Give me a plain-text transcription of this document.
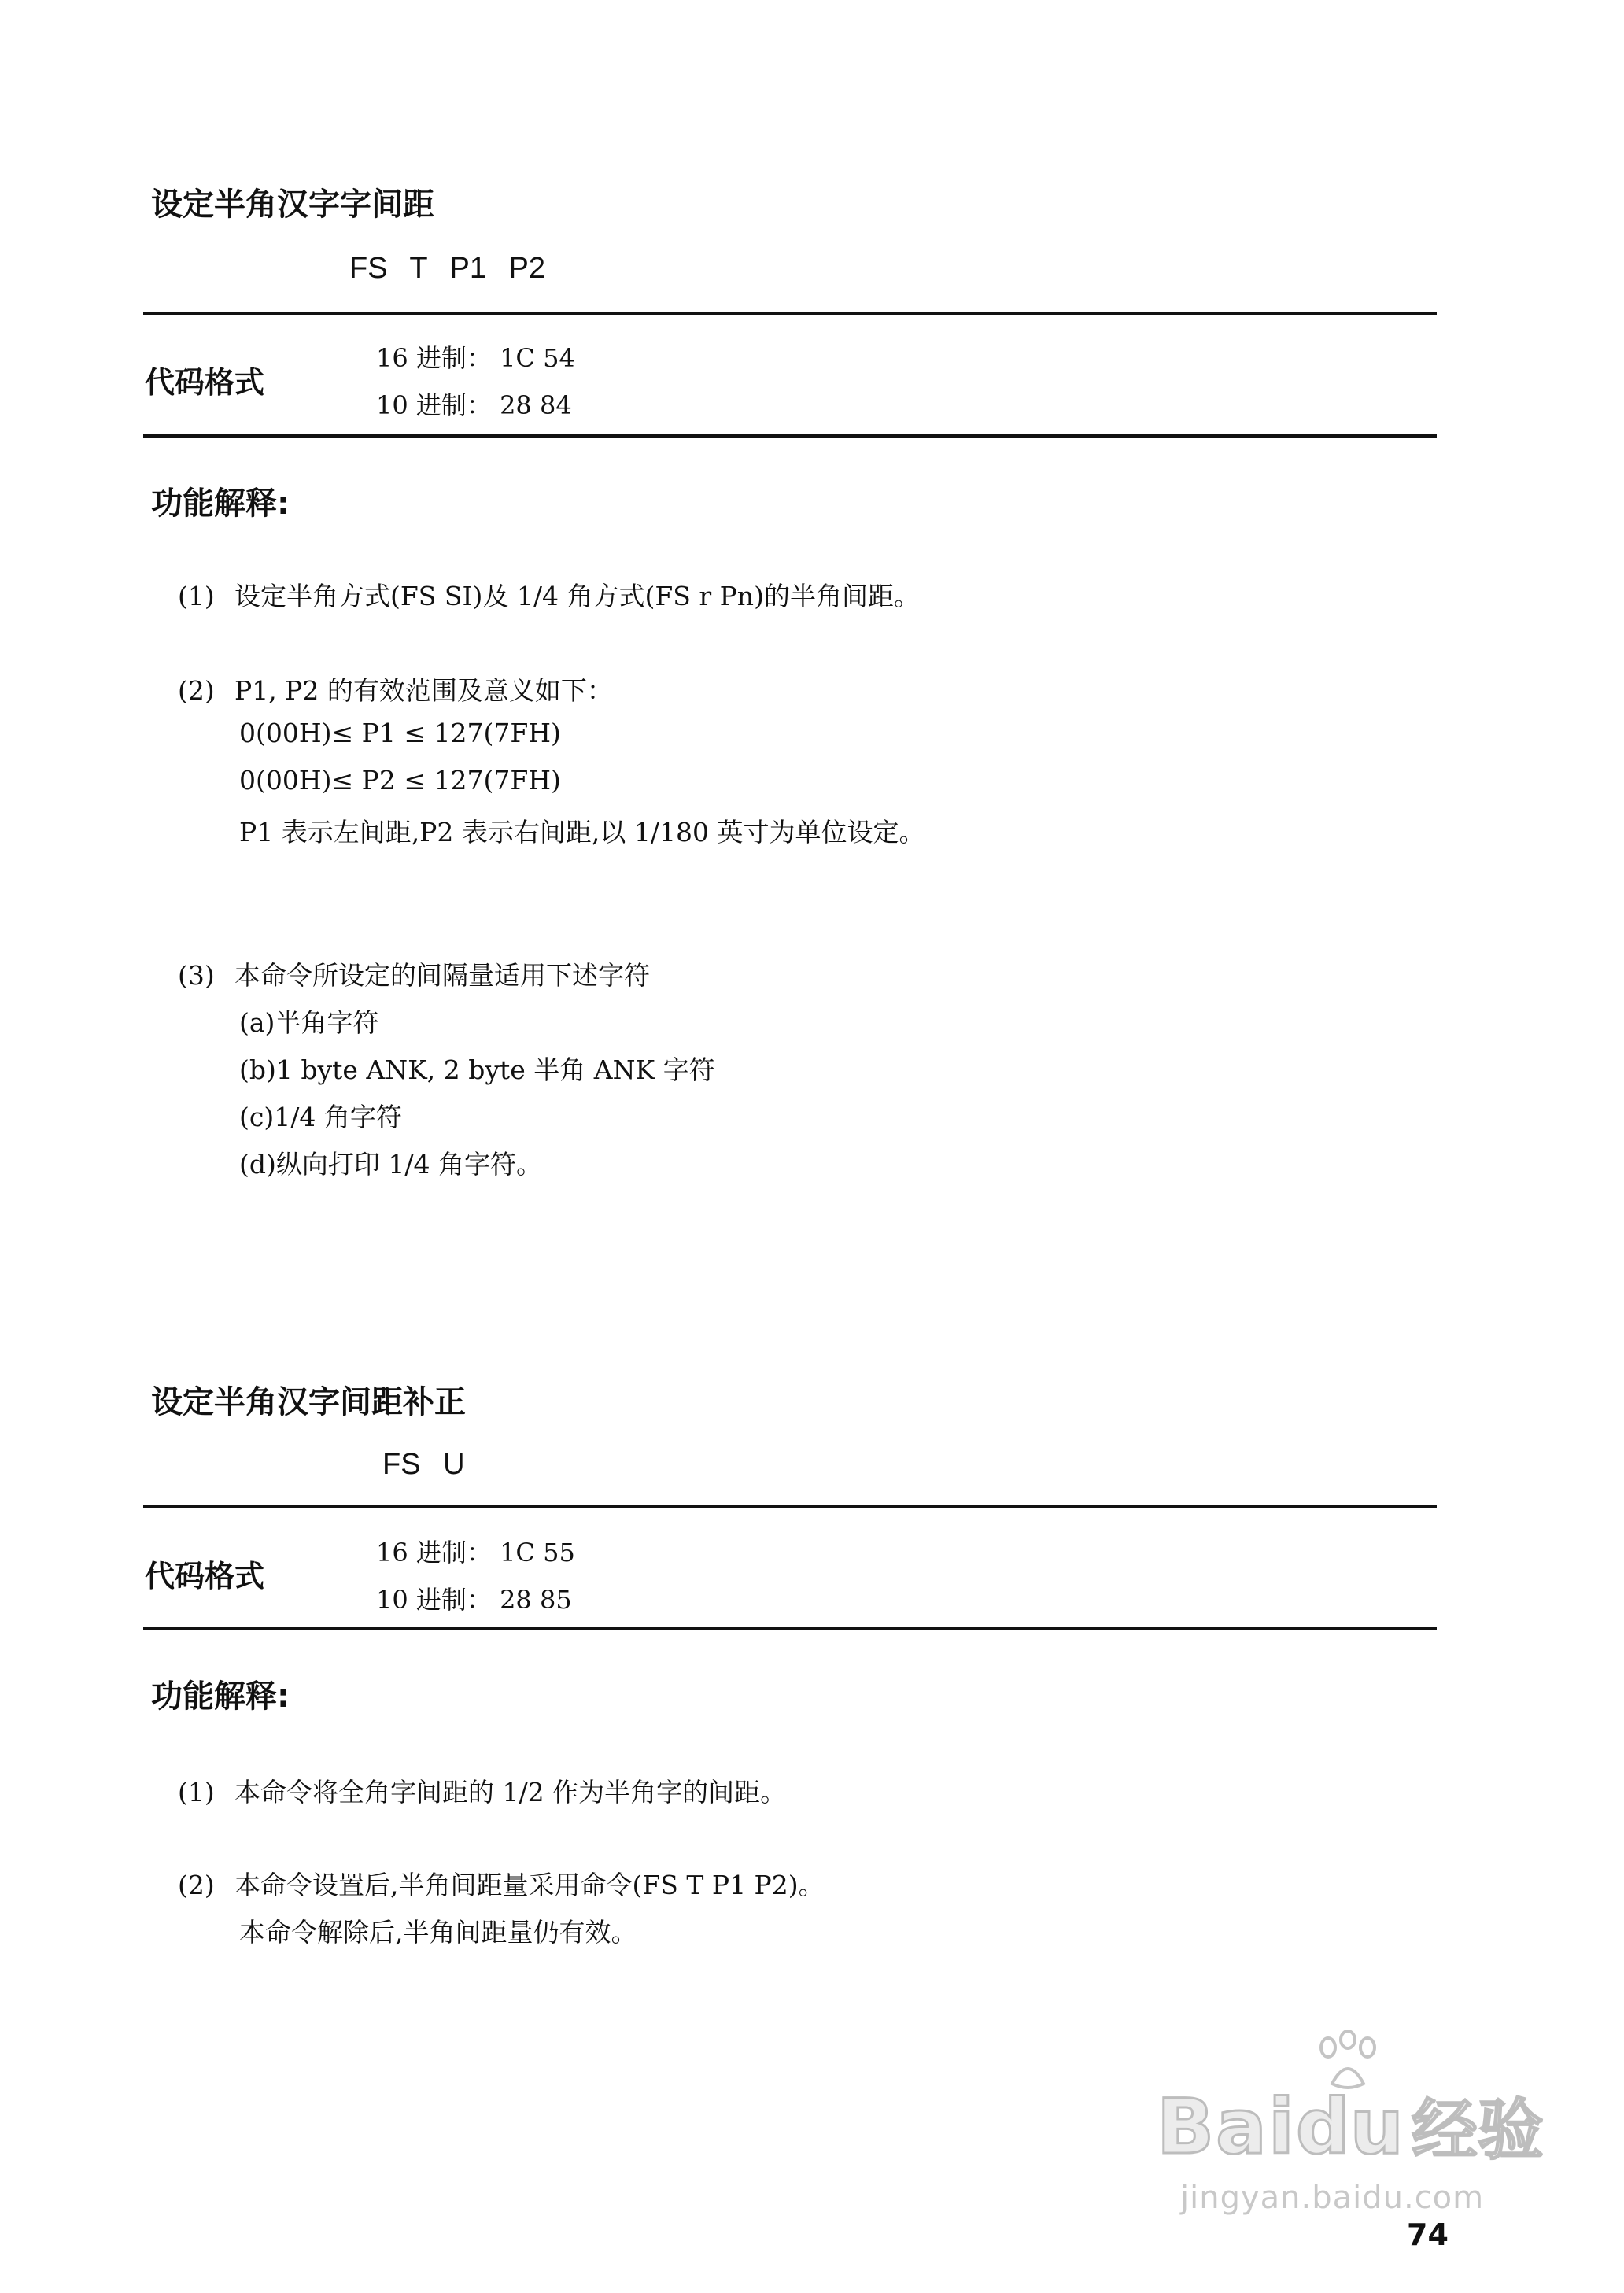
设定半角汉字字间距
FS T P1 P2
代码格式
16 进制： 1C 54
10 进制： 28 84
功能解释:
(1) 设定半角方式(FS SI)及 1/4 角方式(FS r Pn)的半角间距。
(2) P1, P2 的有效范围及意义如下：
0(00H)≤ P1 ≤ 127(7FH)
0(00H)≤ P2 ≤ 127(7FH)
P1 表示左间距,P2 表示右间距,以 1/180 英寸为单位设定。
(3) 本命令所设定的间隔量适用下述字符
(a)半角字符
(b)1 byte ANK, 2 byte 半角 ANK 字符
(c)1/4 角字符
(d)纵向打印 1/4 角字符。
设定半角汉字间距补正
FS U
代码格式
16 进制： 1C 55
10 进制： 28 85
功能解释:
(1) 本命令将全角字间距的 1/2 作为半角字的间距。
(2) 本命令设置后,半角间距量采用命令(FS T P1 P2)。
本命令解除后,半角间距量仍有效。
Baidu 经验
jingyan.baidu.com
74
